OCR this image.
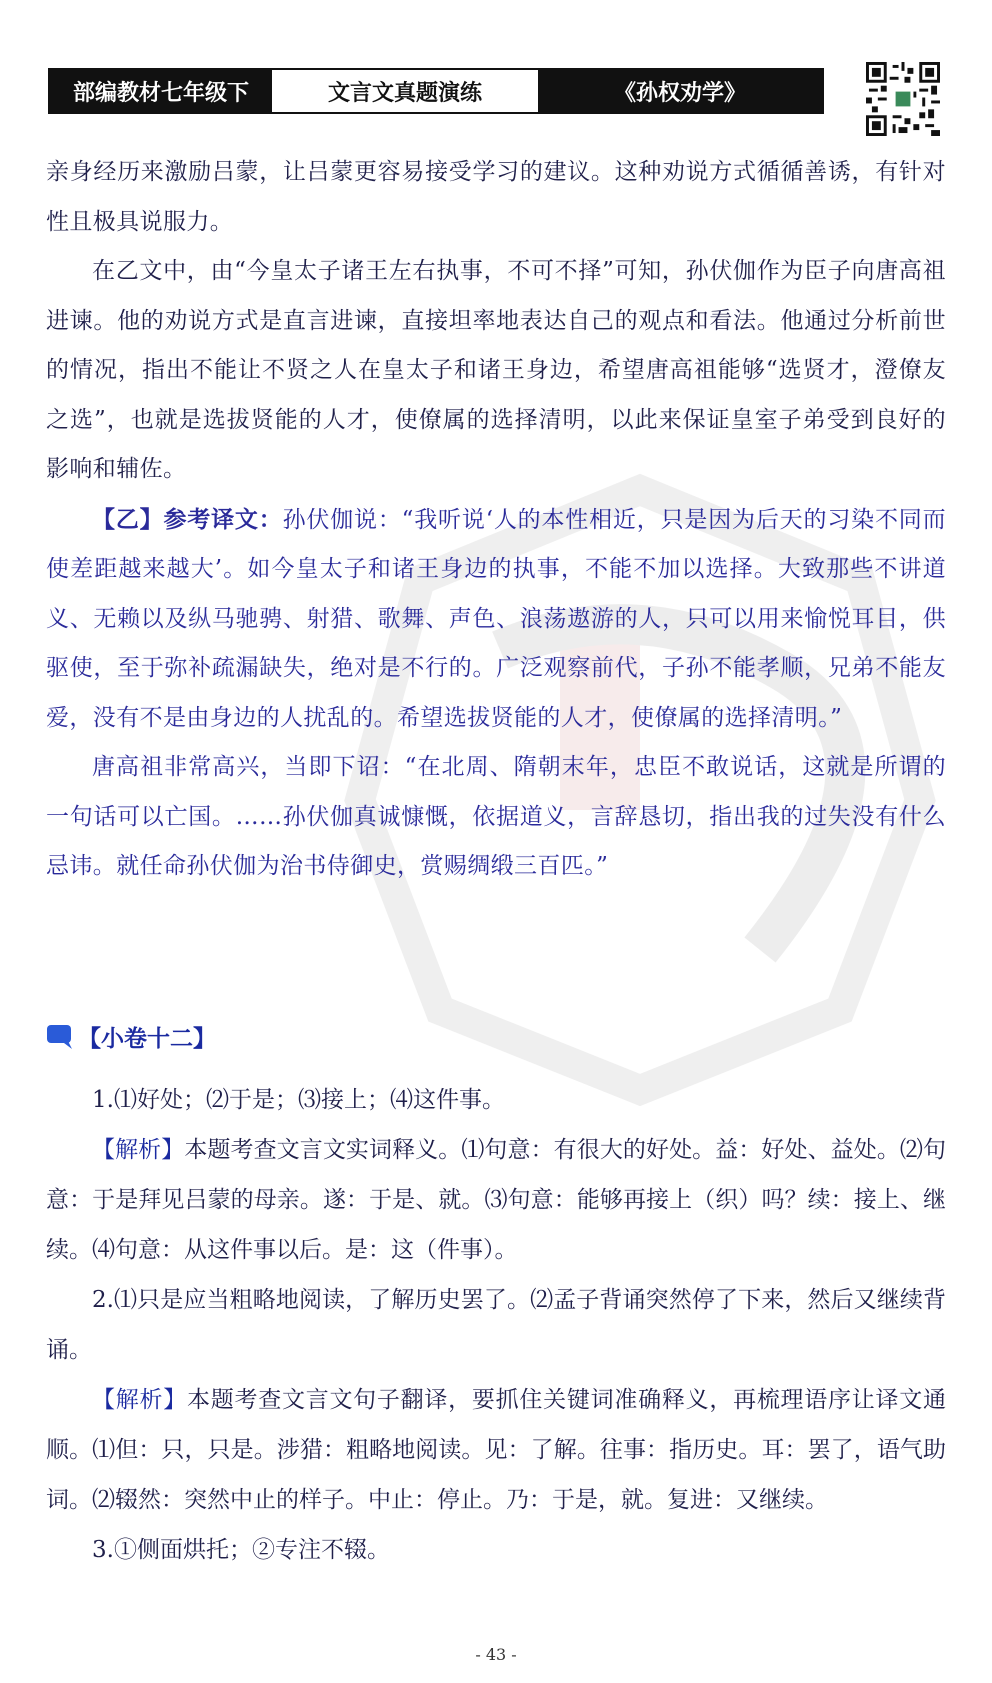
部编教材七年级下	文言文真题演练	《孙权劝学》

亲身经历来激励吕蒙，让吕蒙更容易接受学习的建议。这种劝说方式循循善诱，有针对性且极具说服力。

在乙文中，由“今皇太子诸王左右执事，不可不择”可知，孙伏伽作为臣子向唐高祖进谏。他的劝说方式是直言进谏，直接坦率地表达自己的观点和看法。他通过分析前世的情况，指出不能让不贤之人在皇太子和诸王身边，希望唐高祖能够“选贤才，澄僚友之选”，也就是选拔贤能的人才，使僚属的选择清明，以此来保证皇室子弟受到良好的影响和辅佐。

【乙】参考译文：孙伏伽说：“我听说‘人的本性相近，只是因为后天的习染不同而使差距越来越大’。如今皇太子和诸王身边的执事，不能不加以选择。大致那些不讲道义、无赖以及纵马驰骋、射猎、歌舞、声色、浪荡遨游的人，只可以用来愉悦耳目，供驱使，至于弥补疏漏缺失，绝对是不行的。广泛观察前代，子孙不能孝顺，兄弟不能友爱，没有不是由身边的人扰乱的。希望选拔贤能的人才，使僚属的选择清明。”

唐高祖非常高兴，当即下诏：“在北周、隋朝末年，忠臣不敢说话，这就是所谓的一句话可以亡国。……孙伏伽真诚慷慨，依据道义，言辞恳切，指出我的过失没有什么忌讳。就任命孙伏伽为治书侍御史，赏赐绸缎三百匹。”

【小卷十二】

1.⑴好处；⑵于是；⑶接上；⑷这件事。

【解析】本题考查文言文实词释义。⑴句意：有很大的好处。益：好处、益处。⑵句意：于是拜见吕蒙的母亲。遂：于是、就。⑶句意：能够再接上（织）吗？续：接上、继续。⑷句意：从这件事以后。是：这（件事）。

2.⑴只是应当粗略地阅读，了解历史罢了。⑵孟子背诵突然停了下来，然后又继续背诵。

【解析】本题考查文言文句子翻译，要抓住关键词准确释义，再梳理语序让译文通顺。⑴但：只，只是。涉猎：粗略地阅读。见：了解。往事：指历史。耳：罢了，语气助词。⑵辍然：突然中止的样子。中止：停止。乃：于是，就。复进：又继续。

3.①侧面烘托；②专注不辍。

- 43 -
